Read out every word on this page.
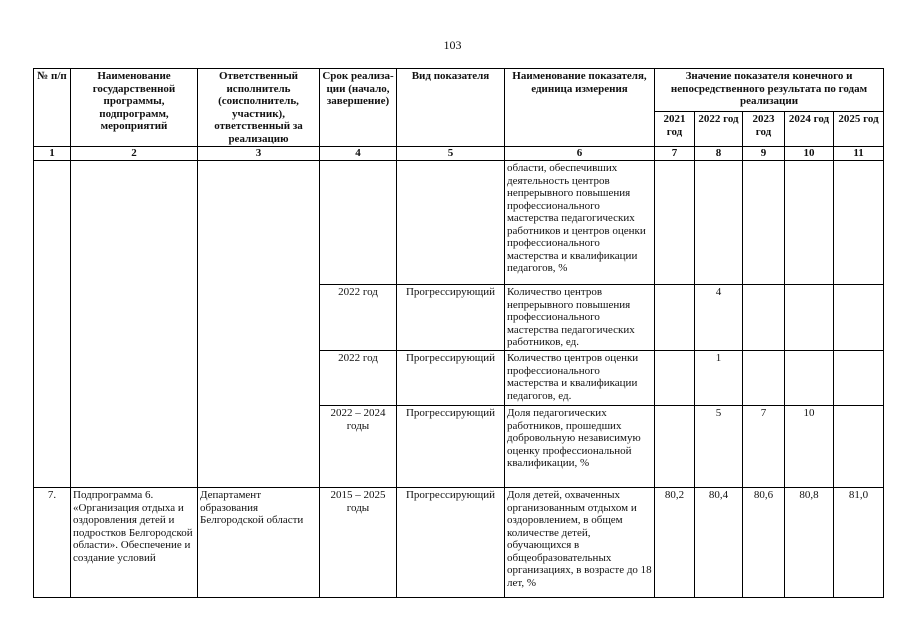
103
№ п/п	Наименование государственной программы, подпрограмм, мероприятий	Ответственный исполнитель (соисполнитель, участник), ответственный за реализацию	Срок реализа-ции (начало, завершение)	Вид показателя	Наименование показателя, единица измерения	Значение показателя конечного и непосредственного результата по годам реализации				
						2021 год	2022 год	2023 год	2024 год	2025 год
1	2	3	4	5	6	7	8	9	10	11
					области, обеспечивших деятельность центров непрерывного повышения профессионального мастерства педагогических работников и центров оценки профессионального мастерства и квалификации педагогов, %					
			2022 год	Прогрессирующий	Количество центров непрерывного повышения профессионального мастерства педагогических работников, ед.		4			
			2022 год	Прогрессирующий	Количество центров оценки профессионального мастерства и квалификации педагогов, ед.		1			
			2022 – 2024 годы	Прогрессирующий	Доля педагогических работников, прошедших добровольную независимую оценку профессиональной квалификации, %		5	7	10	
7.	Подпрограмма 6. «Организация отдыха и оздоровления детей и подростков Белгородской области». Обеспечение и создание условий	Департамент образования Белгородской области	2015 – 2025 годы	Прогрессирующий	Доля детей, охваченных организованным отдыхом и оздоровлением, в общем количестве детей, обучающихся в общеобразовательных организациях, в возрасте до 18 лет, %	80,2	80,4	80,6	80,8	81,0
